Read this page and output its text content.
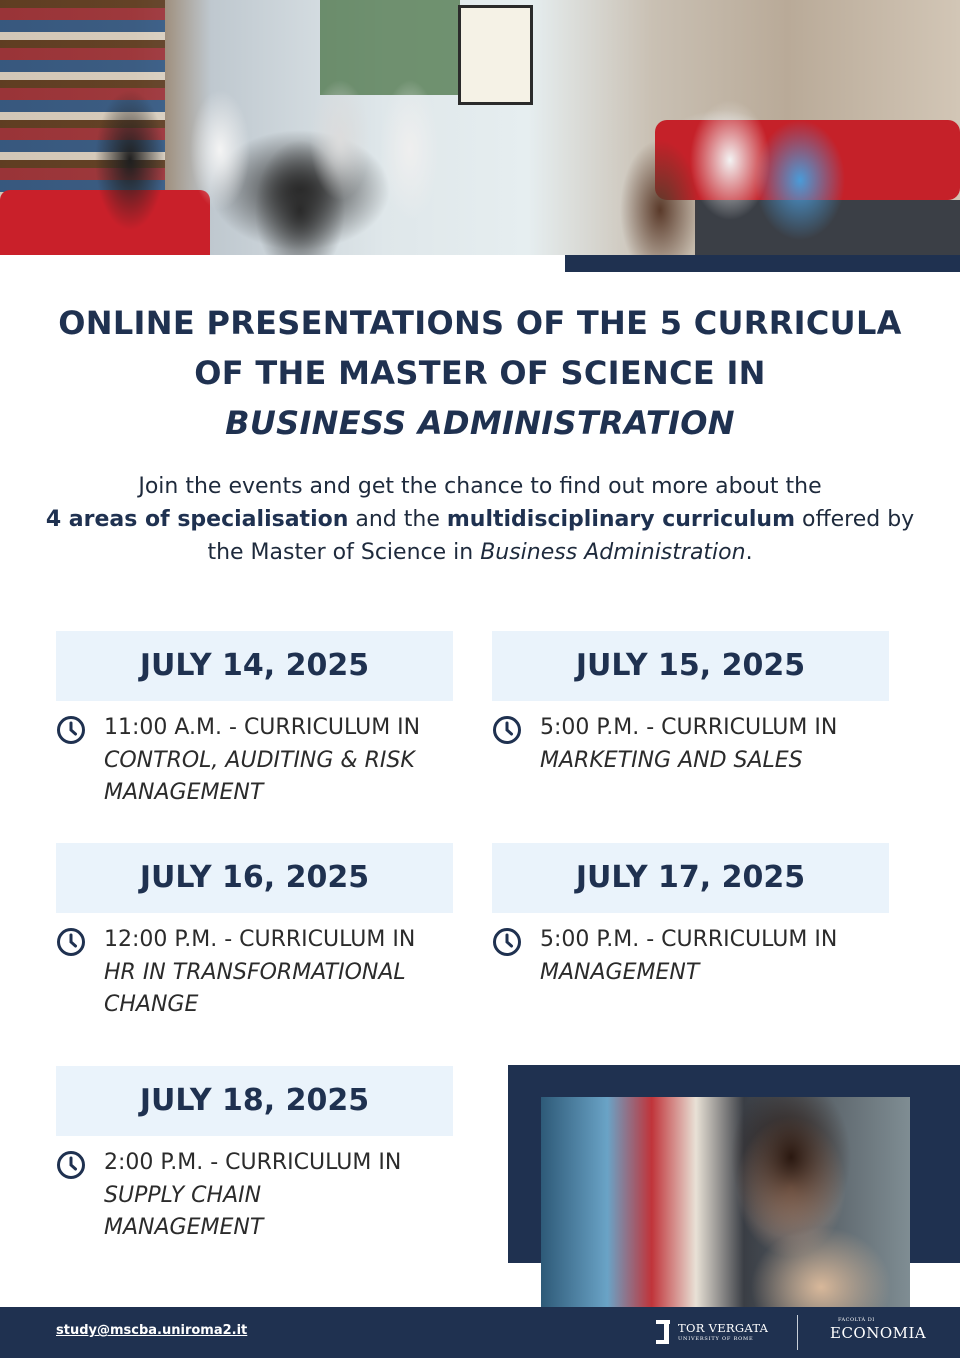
ONLINE PRESENTATIONS OF THE 5 CURRICULA
OF THE MASTER OF SCIENCE IN
BUSINESS ADMINISTRATION
Join the events and get the chance to find out more about the
4 areas of specialisation and the multidisciplinary curriculum offered by
the Master of Science in Business Administration.
JULY 14, 2025
11:00 A.M. - CURRICULUM IN
CONTROL, AUDITING & RISK
MANAGEMENT
JULY 15, 2025
5:00 P.M. - CURRICULUM IN
MARKETING AND SALES
JULY 16, 2025
12:00 P.M. - CURRICULUM IN
HR IN TRANSFORMATIONAL
CHANGE
JULY 17, 2025
5:00 P.M. - CURRICULUM IN
MANAGEMENT
JULY 18, 2025
2:00 P.M. - CURRICULUM IN
SUPPLY CHAIN
MANAGEMENT
study@mscba.uniroma2.it	TOR VERGATA
UNIVERSITY OF ROME
FACOLTÀ DI
ECONOMIA
